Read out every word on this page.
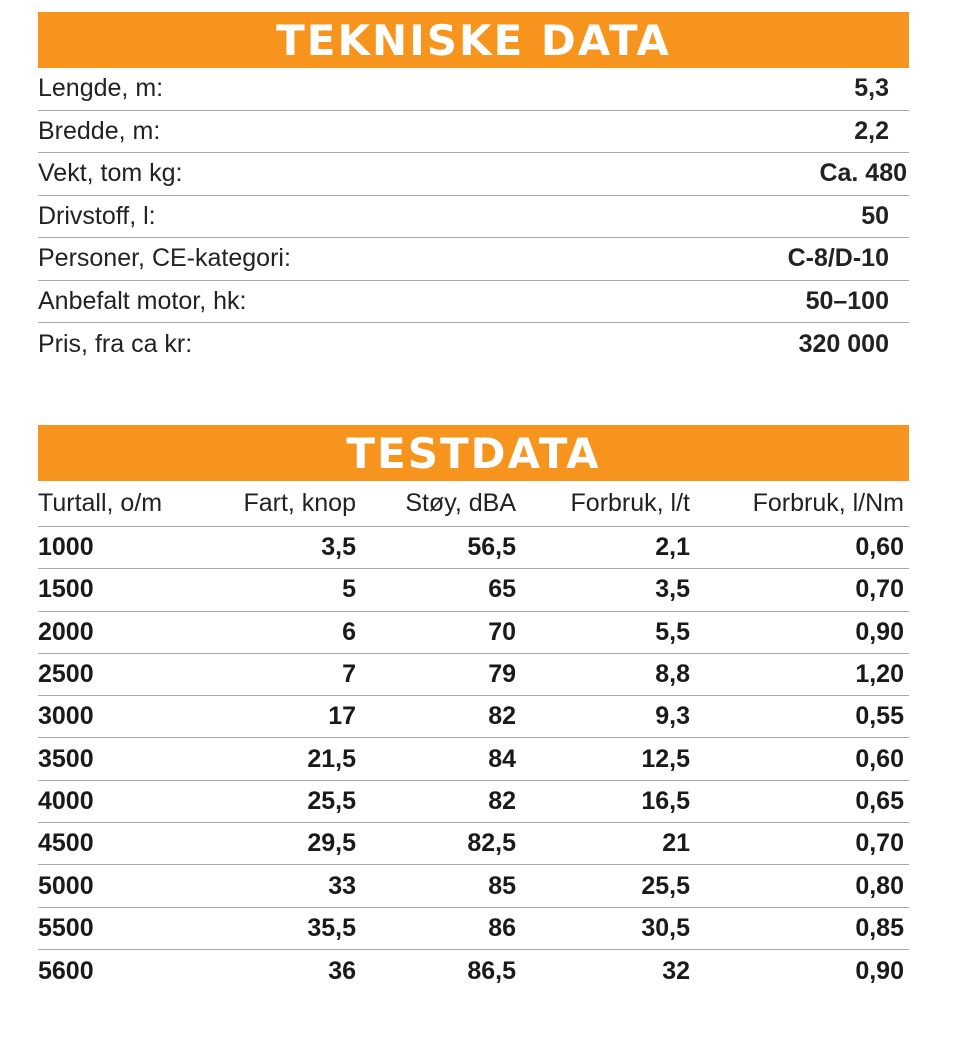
TEKNISKE DATA
Lengde, m:	5,3
Bredde, m:	2,2
Vekt, tom kg:	Ca. 480
Drivstoff, l:	50
Personer, CE-kategori:	C-8/D-10
Anbefalt motor, hk:	50–100
Pris, fra ca kr:	320 000
TESTDATA
Turtall, o/m	Fart, knop	Støy, dBA	Forbruk, l/t	Forbruk, l/Nm
1000	3,5	56,5	2,1	0,60
1500	5	65	3,5	0,70
2000	6	70	5,5	0,90
2500	7	79	8,8	1,20
3000	17	82	9,3	0,55
3500	21,5	84	12,5	0,60
4000	25,5	82	16,5	0,65
4500	29,5	82,5	21	0,70
5000	33	85	25,5	0,80
5500	35,5	86	30,5	0,85
5600	36	86,5	32	0,90
